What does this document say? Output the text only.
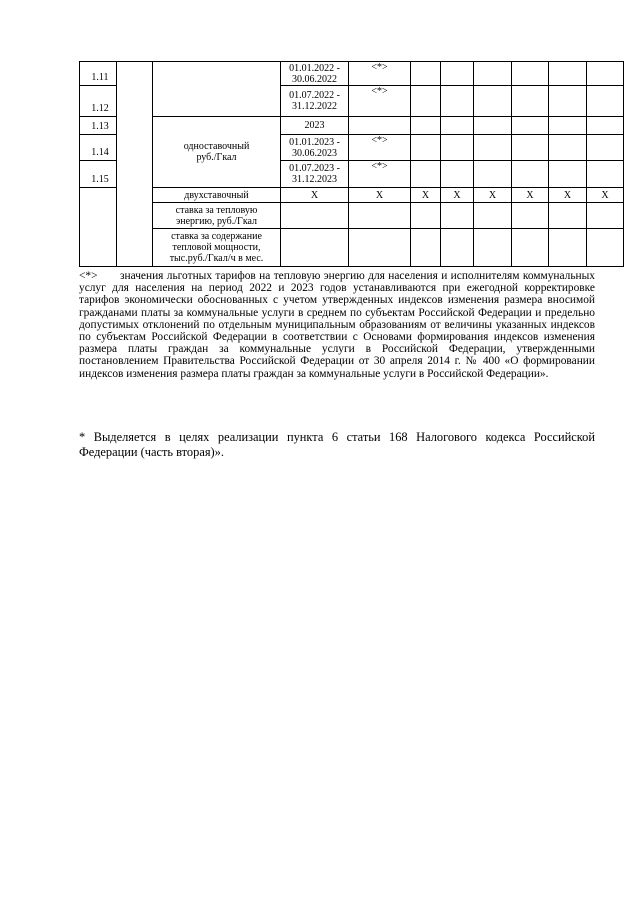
1.11			01.01.2022 - 30.06.2022	<*>						
1.12			01.07.2022 - 31.12.2022	<*>						
1.13		одноставочный руб./Гкал	2023							
1.14			01.01.2023 - 30.06.2023	<*>						
1.15			01.07.2023 - 31.12.2023	<*>						
		двухставочный	X	X	X	X	X	X	X	X
		ставка за тепловую энергию, руб./Гкал								
		ставка за содержание тепловой мощности, тыс.руб./Гкал/ч в мес.								

<*> значения льготных тарифов на тепловую энергию для населения и исполнителям коммунальных услуг для населения на период 2022 и 2023 годов устанавливаются при ежегодной корректировке тарифов экономически обоснованных с учетом утвержденных индексов изменения размера вносимой гражданами платы за коммунальные услуги в среднем по субъектам Российской Федерации и предельно допустимых отклонений по отдельным муниципальным образованиям от величины указанных индексов по субъектам Российской Федерации в соответствии с Основами формирования индексов изменения размера платы граждан за коммунальные услуги в Российской Федерации, утвержденными постановлением Правительства Российской Федерации от 30 апреля 2014 г. № 400 «О формировании индексов изменения размера платы граждан за коммунальные услуги в Российской Федерации».

* Выделяется в целях реализации пункта 6 статьи 168 Налогового кодекса Российской Федерации (часть вторая)».
